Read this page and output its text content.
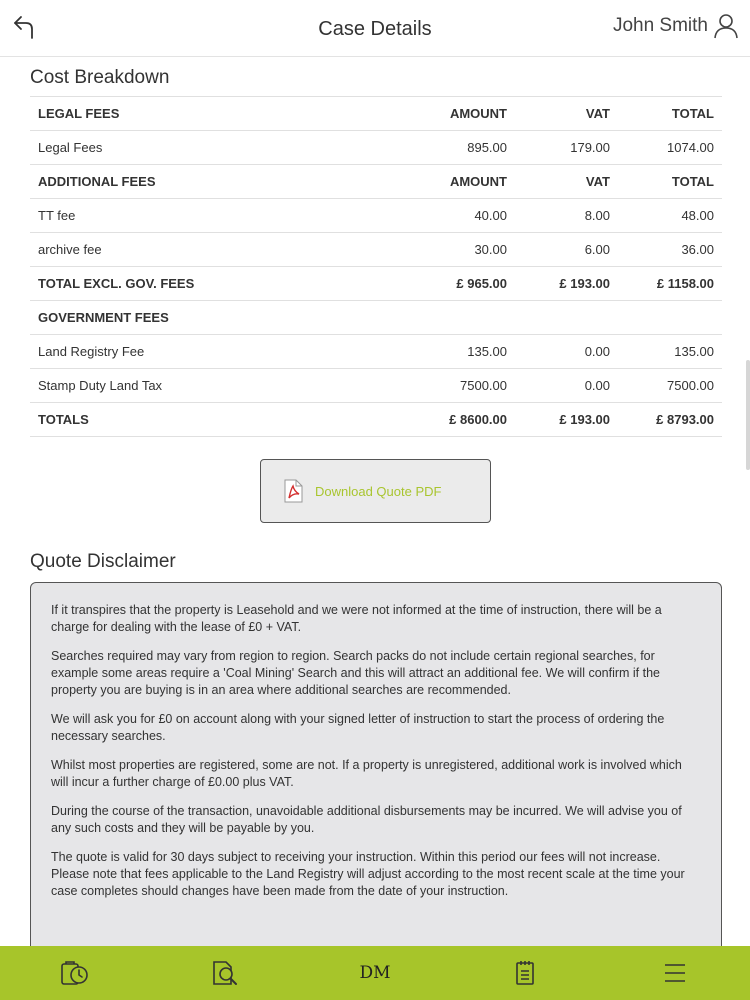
Case Details	John Smith
Cost Breakdown
LEGAL FEES	AMOUNT	VAT	TOTAL
Legal Fees	895.00	179.00	1074.00
ADDITIONAL FEES	AMOUNT	VAT	TOTAL
TT fee	40.00	8.00	48.00
archive fee	30.00	6.00	36.00
TOTAL EXCL. GOV. FEES	£ 965.00	£ 193.00	£ 1158.00
GOVERNMENT FEES
Land Registry Fee	135.00	0.00	135.00
Stamp Duty Land Tax	7500.00	0.00	7500.00
TOTALS	£ 8600.00	£ 193.00	£ 8793.00
Download Quote PDF
Quote Disclaimer

If it transpires that the property is Leasehold and we were not informed at the time of instruction, there will be a charge for dealing with the lease of £0 + VAT.

Searches required may vary from region to region. Search packs do not include certain regional searches, for example some areas require a 'Coal Mining' Search and this will attract an additional fee. We will confirm if the property you are buying is in an area where additional searches are recommended.

We will ask you for £0 on account along with your signed letter of instruction to start the process of ordering the necessary searches.

Whilst most properties are registered, some are not. If a property is unregistered, additional work is involved which will incur a further charge of £0.00 plus VAT.

During the course of the transaction, unavoidable additional disbursements may be incurred. We will advise you of any such costs and they will be payable by you.

The quote is valid for 30 days subject to receiving your instruction. Within this period our fees will not increase. Please note that fees applicable to the Land Registry will adjust according to the most recent scale at the time your case completes should changes have been made from the date of your instruction.

DM
